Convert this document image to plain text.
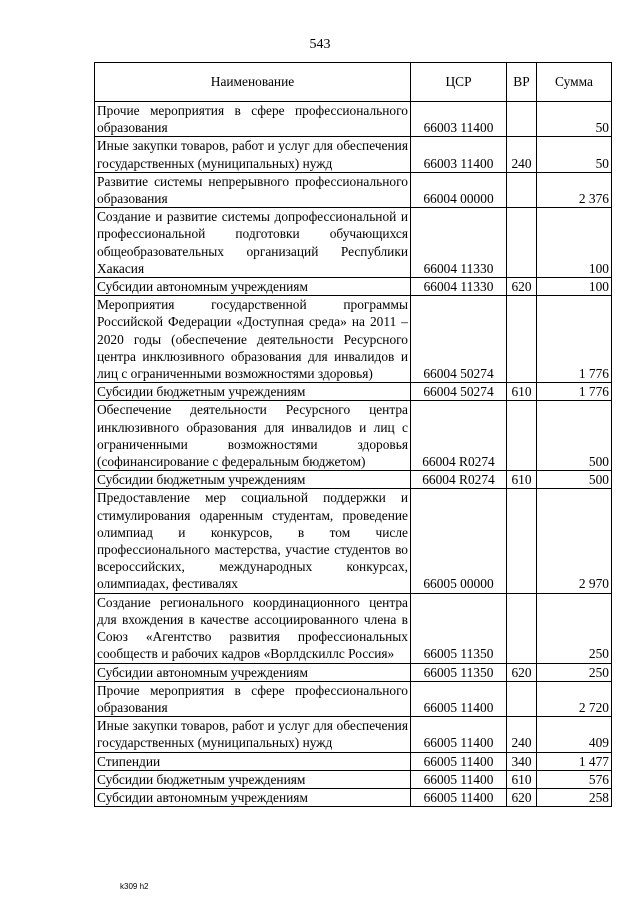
543
Наименование	ЦСР	ВР	Сумма
Прочие мероприятия в сфере профессионального образования	66003 11400		50
Иные закупки товаров, работ и услуг для обеспечения государственных (муниципальных) нужд	66003 11400	240	50
Развитие системы непрерывного профессионального образования	66004 00000		2 376
Создание и развитие системы допрофессиональной и профессиональной подготовки обучающихся общеобразовательных организаций Республики Хакасия	66004 11330		100
Субсидии автономным учреждениям	66004 11330	620	100
Мероприятия государственной программы Российской Федерации «Доступная среда» на 2011 – 2020 годы (обеспечение деятельности Ресурсного центра инклюзивного образования для инвалидов и лиц с ограниченными возможностями здоровья)	66004 50274		1 776
Субсидии бюджетным учреждениям	66004 50274	610	1 776
Обеспечение деятельности Ресурсного центра инклюзивного образования для инвалидов и лиц с ограниченными возможностями здоровья (софинансирование с федеральным бюджетом)	66004 R0274		500
Субсидии бюджетным учреждениям	66004 R0274	610	500
Предоставление мер социальной поддержки и стимулирования одаренным студентам, проведение олимпиад и конкурсов, в том числе профессионального мастерства, участие студентов во всероссийских, международных конкурсах, олимпиадах, фестивалях	66005 00000		2 970
Создание регионального координационного центра для вхождения в качестве ассоциированного члена в Союз «Агентство развития профессиональных сообществ и рабочих кадров «Ворлдскиллс Россия»	66005 11350		250
Субсидии автономным учреждениям	66005 11350	620	250
Прочие мероприятия в сфере профессионального образования	66005 11400		2 720
Иные закупки товаров, работ и услуг для обеспечения государственных (муниципальных) нужд	66005 11400	240	409
Стипендии	66005 11400	340	1 477
Субсидии бюджетным учреждениям	66005 11400	610	576
Субсидии автономным учреждениям	66005 11400	620	258
k309 h2
